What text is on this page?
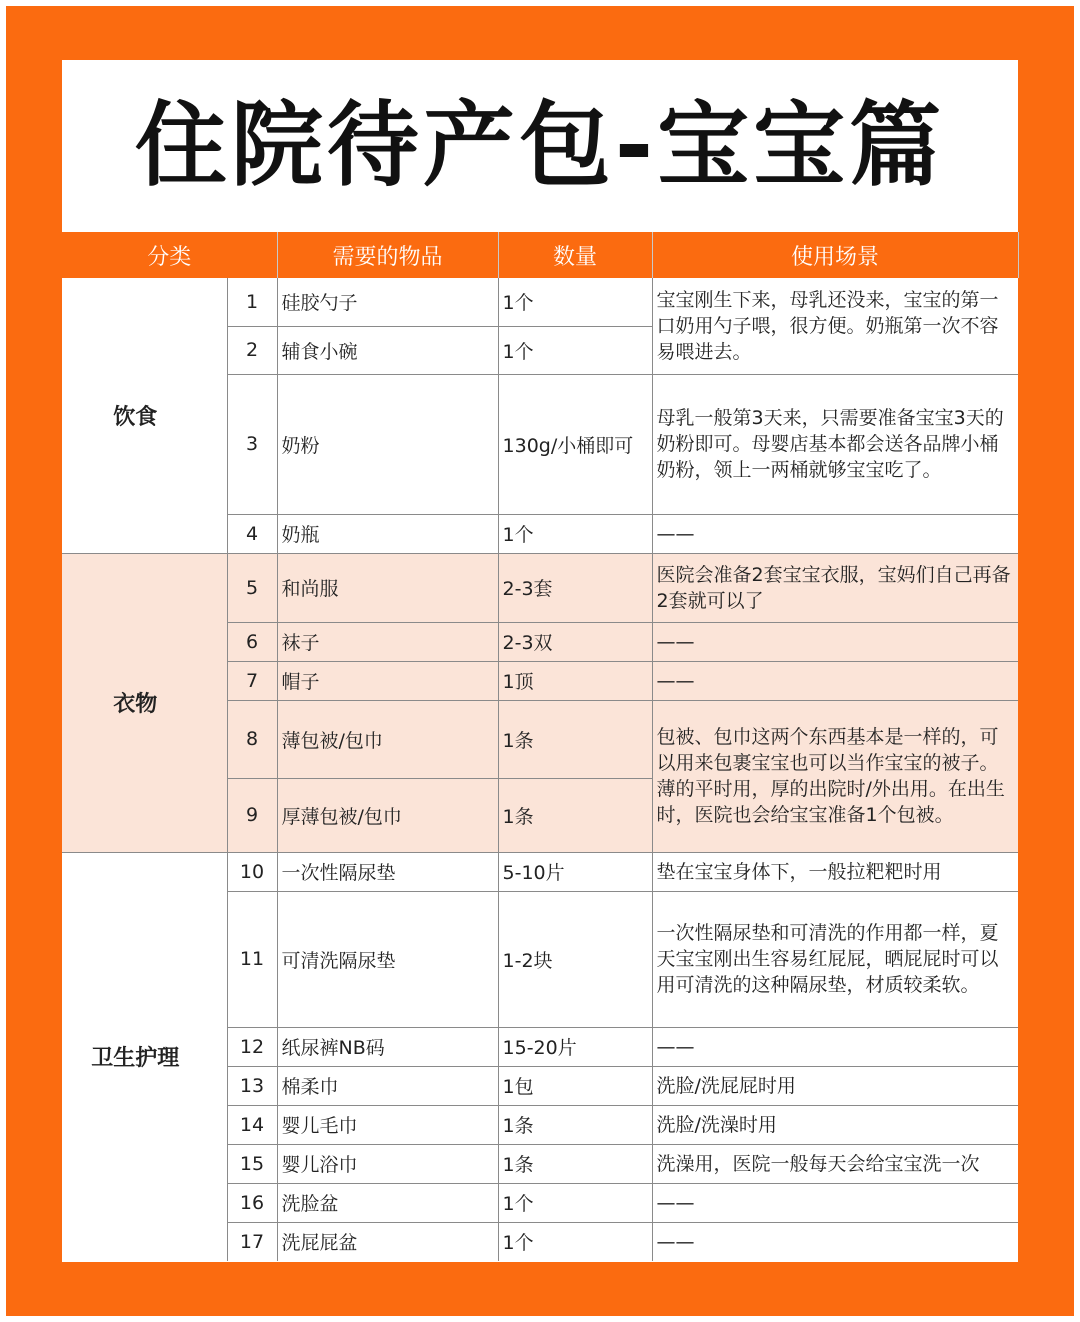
住院待产包-宝宝篇
分类		需要的物品	数量	使用场景
饮食	1	硅胶勺子	1个	宝宝刚生下来，母乳还没来，宝宝的第一口奶用勺子喂，很方便。奶瓶第一次不容易喂进去。
	2	辅食小碗	1个	
	3	奶粉	130g/小桶即可	母乳一般第3天来，只需要准备宝宝3天的奶粉即可。母婴店基本都会送各品牌小桶奶粉，领上一两桶就够宝宝吃了。
	4	奶瓶	1个	——
衣物	5	和尚服	2-3套	医院会准备2套宝宝衣服，宝妈们自己再备2套就可以了
	6	袜子	2-3双	——
	7	帽子	1顶	——
	8	薄包被/包巾	1条	包被、包巾这两个东西基本是一样的，可以用来包裹宝宝也可以当作宝宝的被子。薄的平时用，厚的出院时/外出用。在出生时，医院也会给宝宝准备1个包被。
	9	厚薄包被/包巾	1条	
卫生护理	10	一次性隔尿垫	5-10片	垫在宝宝身体下，一般拉粑粑时用
	11	可清洗隔尿垫	1-2块	一次性隔尿垫和可清洗的作用都一样，夏天宝宝刚出生容易红屁屁，晒屁屁时可以用可清洗的这种隔尿垫，材质较柔软。
	12	纸尿裤NB码	15-20片	——
	13	棉柔巾	1包	洗脸/洗屁屁时用
	14	婴儿毛巾	1条	洗脸/洗澡时用
	15	婴儿浴巾	1条	洗澡用，医院一般每天会给宝宝洗一次
	16	洗脸盆	1个	——
	17	洗屁屁盆	1个	——
